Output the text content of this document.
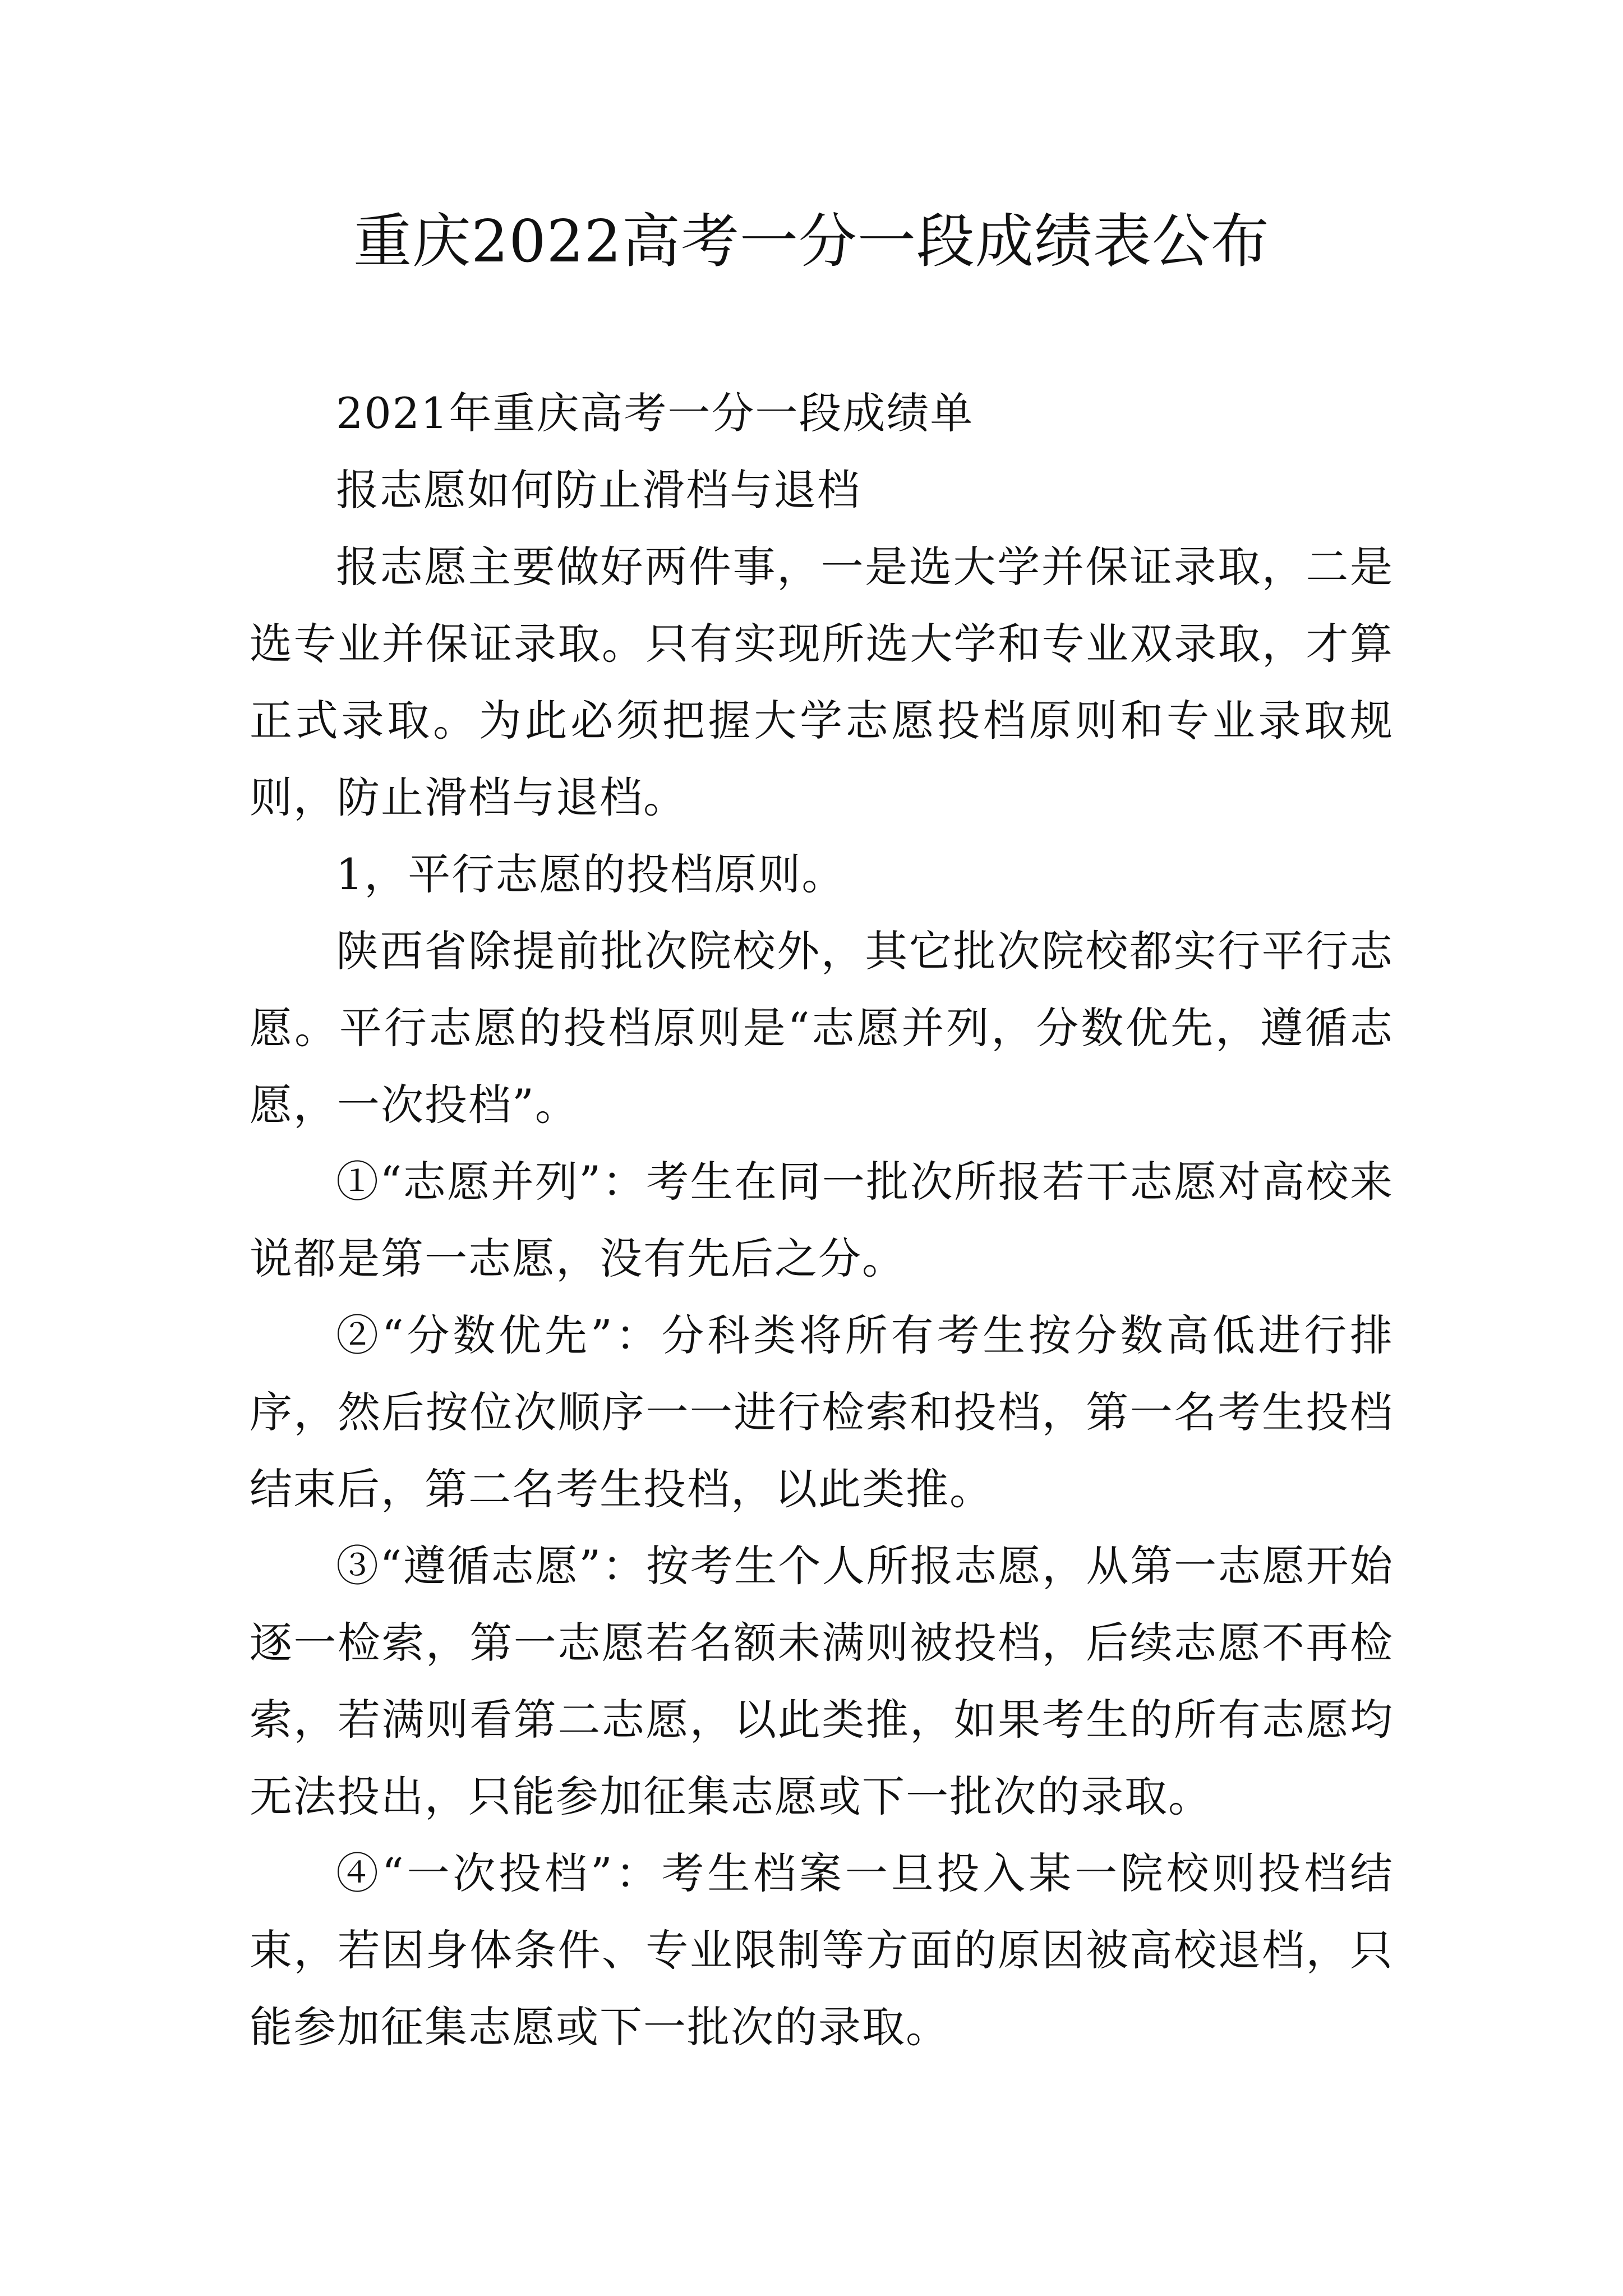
重庆2022高考一分一段成绩表公布

2021年重庆高考一分一段成绩单

报志愿如何防止滑档与退档

报志愿主要做好两件事，一是选大学并保证录取，二是选专业并保证录取。只有实现所选大学和专业双录取，才算正式录取。为此必须把握大学志愿投档原则和专业录取规则，防止滑档与退档。

1，平行志愿的投档原则。

陕西省除提前批次院校外，其它批次院校都实行平行志愿。平行志愿的投档原则是“志愿并列，分数优先，遵循志愿，一次投档”。

①“志愿并列”：考生在同一批次所报若干志愿对高校来说都是第一志愿，没有先后之分。

②“分数优先”：分科类将所有考生按分数高低进行排序，然后按位次顺序一一进行检索和投档，第一名考生投档结束后，第二名考生投档，以此类推。

③“遵循志愿”：按考生个人所报志愿，从第一志愿开始逐一检索，第一志愿若名额未满则被投档，后续志愿不再检索，若满则看第二志愿，以此类推，如果考生的所有志愿均无法投出，只能参加征集志愿或下一批次的录取。

④“一次投档”：考生档案一旦投入某一院校则投档结束，若因身体条件、专业限制等方面的原因被高校退档，只能参加征集志愿或下一批次的录取。
